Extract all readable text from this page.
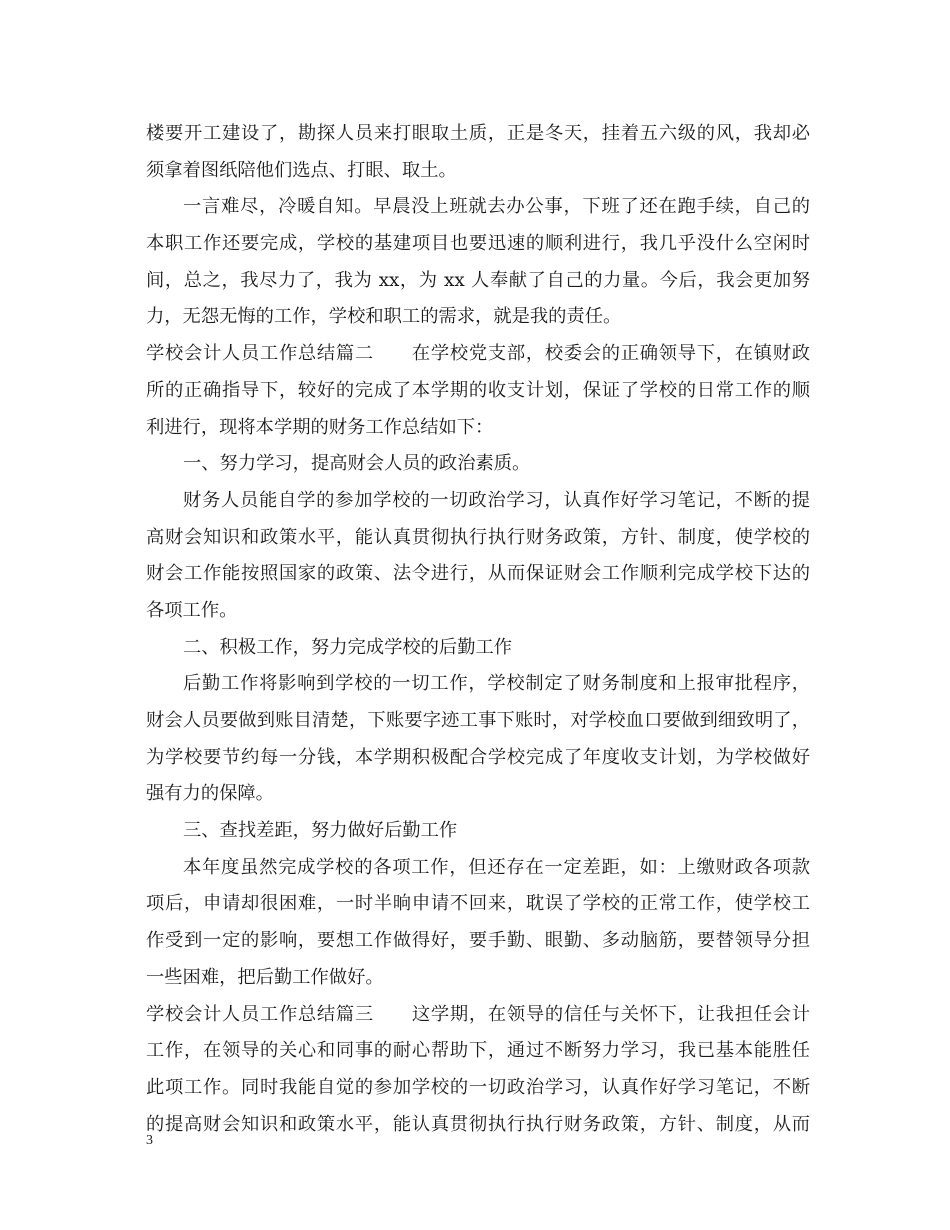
楼要开工建设了，勘探人员来打眼取土质，正是冬天，挂着五六级的风，我却必
须拿着图纸陪他们选点、打眼、取土。
一言难尽，冷暖自知。早晨没上班就去办公事，下班了还在跑手续，自己的
本职工作还要完成，学校的基建项目也要迅速的顺利进行，我几乎没什么空闲时
间，总之，我尽力了，我为 xx，为 xx 人奉献了自己的力量。今后，我会更加努
力，无怨无悔的工作，学校和职工的需求，就是我的责任。
学校会计人员工作总结篇二　　在学校党支部，校委会的正确领导下，在镇财政
所的正确指导下，较好的完成了本学期的收支计划，保证了学校的日常工作的顺
利进行，现将本学期的财务工作总结如下：
一、努力学习，提高财会人员的政治素质。
财务人员能自学的参加学校的一切政治学习，认真作好学习笔记，不断的提
高财会知识和政策水平，能认真贯彻执行执行财务政策，方针、制度，使学校的
财会工作能按照国家的政策、法令进行，从而保证财会工作顺利完成学校下达的
各项工作。
二、积极工作，努力完成学校的后勤工作
后勤工作将影响到学校的一切工作，学校制定了财务制度和上报审批程序，
财会人员要做到账目清楚，下账要字迹工事下账时，对学校血口要做到细致明了，
为学校要节约每一分钱，本学期积极配合学校完成了年度收支计划，为学校做好
强有力的保障。
三、查找差距，努力做好后勤工作
本年度虽然完成学校的各项工作，但还存在一定差距，如：上缴财政各项款
项后，申请却很困难，一时半晌申请不回来，耽误了学校的正常工作，使学校工
作受到一定的影响，要想工作做得好，要手勤、眼勤、多动脑筋，要替领导分担
一些困难，把后勤工作做好。
学校会计人员工作总结篇三　　这学期，在领导的信任与关怀下，让我担任会计
工作，在领导的关心和同事的耐心帮助下，通过不断努力学习，我已基本能胜任
此项工作。同时我能自觉的参加学校的一切政治学习，认真作好学习笔记，不断
的提高财会知识和政策水平，能认真贯彻执行执行财务政策，方针、制度，从而
3
